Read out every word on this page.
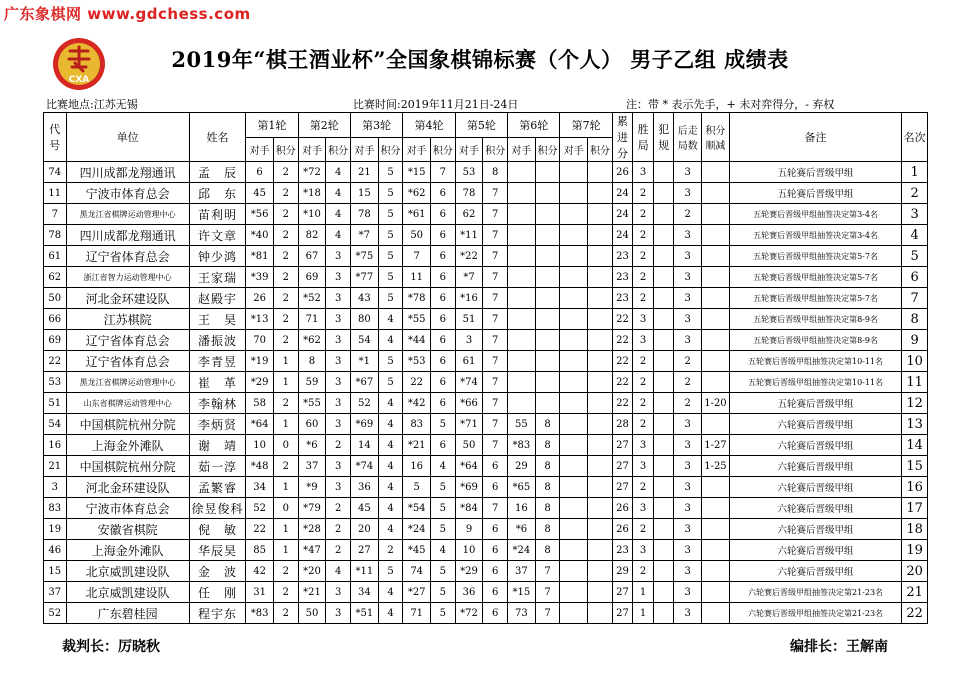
广东象棋网 www.gdchess.com
CXA
2019年“棋王酒业杯”全国象棋锦标赛（个人） 男子乙组 成绩表
比赛地点:江苏无锡	比赛时间:2019年11月21日-24日	注：带 * 表示先手，+ 未对弈得分，- 弃权
代号	单位	姓名	第1轮		第2轮		第3轮		第4轮		第5轮		第6轮		第7轮		累进分	胜局	犯规	后走局数	积分顺减	备注	名次
			对手	积分	对手	积分	对手	积分	对手	积分	对手	积分	对手	积分	对手	积分							
74	四川成都龙翔通讯	孟　辰	6	2	*72	4	21	5	*15	7	53	8					26	3		3		五轮赛后晋级甲组	1
11	宁波市体育总会	邱　东	45	2	*18	4	15	5	*62	6	78	7					24	2		3		五轮赛后晋级甲组	2
7	黑龙江省棋牌运动管理中心	苗利明	*56	2	*10	4	78	5	*61	6	62	7					24	2		2		五轮赛后晋级甲组抽签决定第3-4名	3
78	四川成都龙翔通讯	许文章	*40	2	82	4	*7	5	50	6	*11	7					24	2		3		五轮赛后晋级甲组抽签决定第3-4名	4
61	辽宁省体育总会	钟少鸿	*81	2	67	3	*75	5	7	6	*22	7					23	2		3		五轮赛后晋级甲组抽签决定第5-7名	5
62	浙江省智力运动管理中心	王家瑞	*39	2	69	3	*77	5	11	6	*7	7					23	2		3		五轮赛后晋级甲组抽签决定第5-7名	6
50	河北金环建设队	赵殿宇	26	2	*52	3	43	5	*78	6	*16	7					23	2		3		五轮赛后晋级甲组抽签决定第5-7名	7
66	江苏棋院	王　昊	*13	2	71	3	80	4	*55	6	51	7					22	3		3		五轮赛后晋级甲组抽签决定第8-9名	8
69	辽宁省体育总会	潘振波	70	2	*62	3	54	4	*44	6	3	7					22	3		3		五轮赛后晋级甲组抽签决定第8-9名	9
22	辽宁省体育总会	李青昱	*19	1	8	3	*1	5	*53	6	61	7					22	2		2		五轮赛后晋级甲组抽签决定第10-11名	10
53	黑龙江省棋牌运动管理中心	崔　革	*29	1	59	3	*67	5	22	6	*74	7					22	2		2		五轮赛后晋级甲组抽签决定第10-11名	11
51	山东省棋牌运动管理中心	李翰林	58	2	*55	3	52	4	*42	6	*66	7					22	2		2	1-20	五轮赛后晋级甲组	12
54	中国棋院杭州分院	李炳贤	*64	1	60	3	*69	4	83	5	*71	7	55	8			28	2		3		六轮赛后晋级甲组	13
16	上海金外滩队	谢　靖	10	0	*6	2	14	4	*21	6	50	7	*83	8			27	3		3	1-27	六轮赛后晋级甲组	14
21	中国棋院杭州分院	茹一淳	*48	2	37	3	*74	4	16	4	*64	6	29	8			27	3		3	1-25	六轮赛后晋级甲组	15
3	河北金环建设队	孟繁睿	34	1	*9	3	36	4	5	5	*69	6	*65	8			27	2		3		六轮赛后晋级甲组	16
83	宁波市体育总会	徐昱俊科	52	0	*79	2	45	4	*54	5	*84	7	16	8			26	3		3		六轮赛后晋级甲组	17
19	安徽省棋院	倪　敏	22	1	*28	2	20	4	*24	5	9	6	*6	8			26	2		3		六轮赛后晋级甲组	18
46	上海金外滩队	华辰昊	85	1	*47	2	27	2	*45	4	10	6	*24	8			23	3		3		六轮赛后晋级甲组	19
15	北京威凯建设队	金　波	42	2	*20	4	*11	5	74	5	*29	6	37	7			29	2		3		六轮赛后晋级甲组	20
37	北京威凯建设队	任　刚	31	2	*21	3	34	4	*27	5	36	6	*15	7			27	1		3		六轮赛后晋级甲组抽签决定第21-23名	21
52	广东碧桂园	程宇东	*83	2	50	3	*51	4	71	5	*72	6	73	7			27	1		3		六轮赛后晋级甲组抽签决定第21-23名	22
裁判长：厉晓秋	编排长：王解南
